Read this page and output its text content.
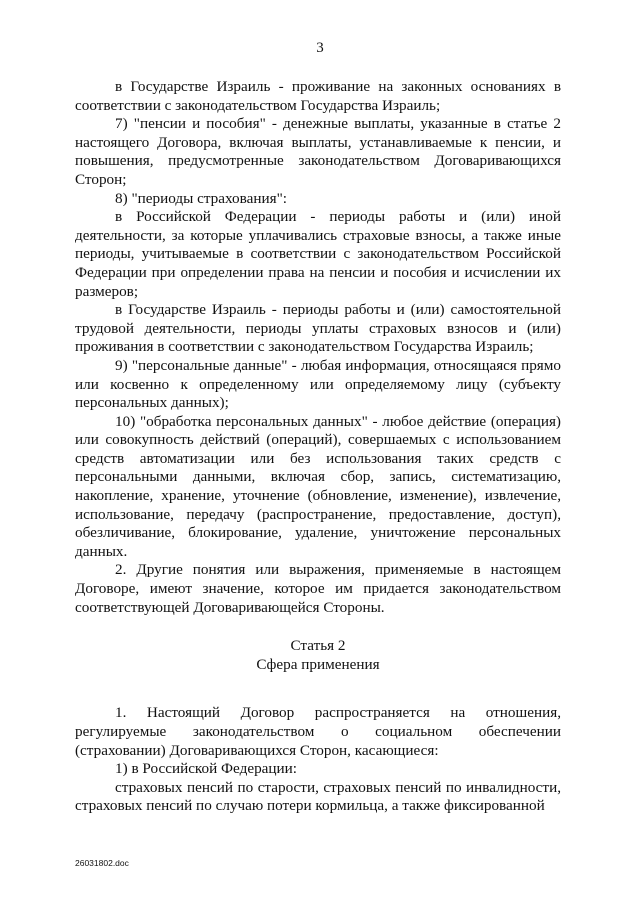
3

в Государстве Израиль - проживание на законных основаниях в соответствии с законодательством Государства Израиль;

7) "пенсии и пособия" - денежные выплаты, указанные в статье 2 настоящего Договора, включая выплаты, устанавливаемые к пенсии, и повышения, предусмотренные законодательством Договаривающихся Сторон;

8) "периоды страхования":

в Российской Федерации - периоды работы и (или) иной деятельности, за которые уплачивались страховые взносы, а также иные периоды, учитываемые в соответствии с законодательством Российской Федерации при определении права на пенсии и пособия и исчислении их размеров;

в Государстве Израиль - периоды работы и (или) самостоятельной трудовой деятельности, периоды уплаты страховых взносов и (или) проживания в соответствии с законодательством Государства Израиль;

9) "персональные данные" - любая информация, относящаяся прямо или косвенно к определенному или определяемому лицу (субъекту персональных данных);

10) "обработка персональных данных" - любое действие (операция) или совокупность действий (операций), совершаемых с использованием средств автоматизации или без использования таких средств с персональными данными, включая сбор, запись, систематизацию, накопление, хранение, уточнение (обновление, изменение), извлечение, использование, передачу (распространение, предоставление, доступ), обезличивание, блокирование, удаление, уничтожение персональных данных.

2. Другие понятия или выражения, применяемые в настоящем Договоре, имеют значение, которое им придается законодательством соответствующей Договаривающейся Стороны.

Статья 2

Сфера применения

1. Настоящий Договор распространяется на отношения, регулируемые законодательством о социальном обеспечении (страховании) Договаривающихся Сторон, касающиеся:

1) в Российской Федерации:

страховых пенсий по старости, страховых пенсий по инвалидности, страховых пенсий по случаю потери кормильца, а также фиксированной

26031802.doc
